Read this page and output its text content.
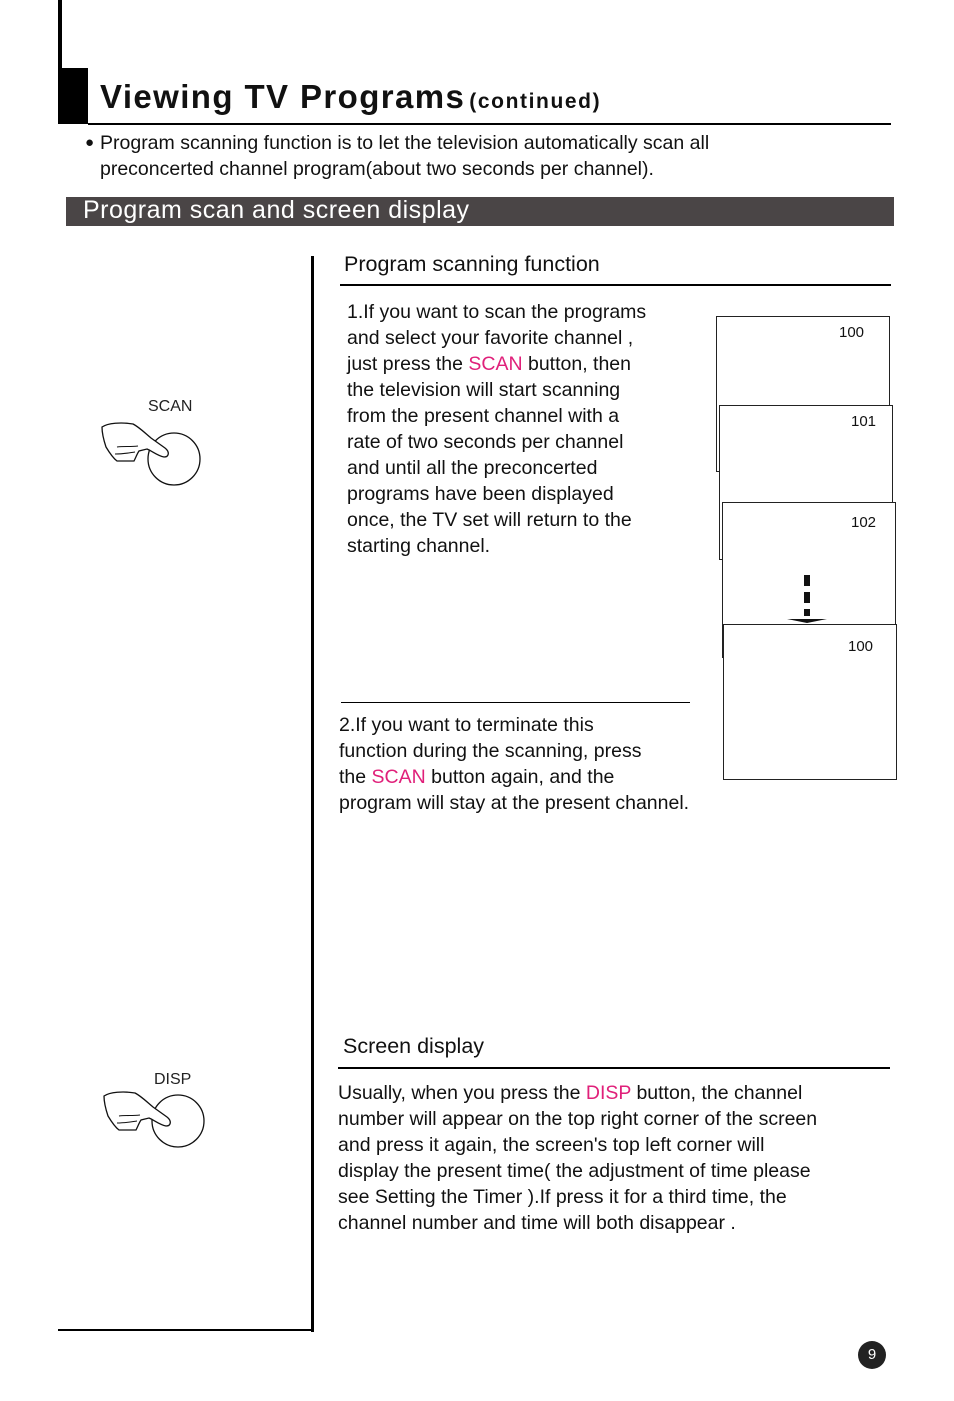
Viewing TV Programs (continued)
● Program scanning function is to let the television automatically scan all
preconcerted channel program(about two seconds per channel).
Program scan and screen display
SCAN
DISP
Program scanning function
1.If you want to scan the programs
and select your favorite channel ,
just press the SCAN button, then
the television will start scanning
from the present channel with a
rate of two seconds per channel
and until all the preconcerted
programs have been displayed
once, the TV set will return to the
starting channel.
100
101
102
100
2.If you want to terminate this
function during the scanning, press
the SCAN button again, and the
program will stay at the present channel.
Screen display
Usually, when you press the DISP button, the channel
number will appear on the top right corner of the screen
and press it again, the screen's top left corner will
display the present time( the adjustment of time please
see Setting the Timer ).If press it for a third time, the
channel number and time will both disappear .
9
